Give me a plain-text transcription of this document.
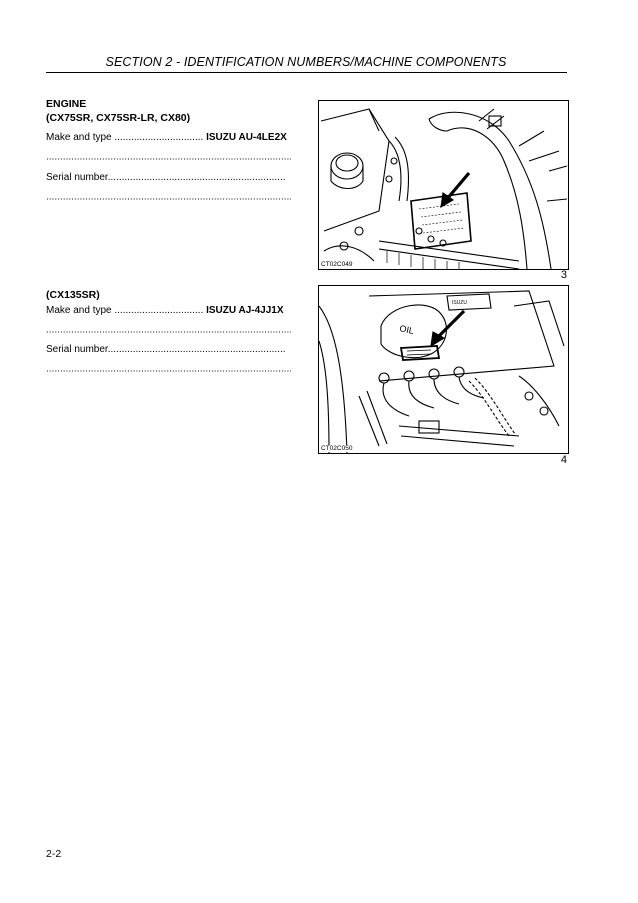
SECTION 2 - IDENTIFICATION NUMBERS/MACHINE COMPONENTS
ENGINE
(CX75SR, CX75SR-LR, CX80)
Make and type ................................ ISUZU AU-4LE2X
Serial number................................................................
(CX135SR)
Make and type ................................ ISUZU AJ-4JJ1X
Serial number................................................................
CT02C049
3
OIL
ISUZU
CT02C050
4
2-2
